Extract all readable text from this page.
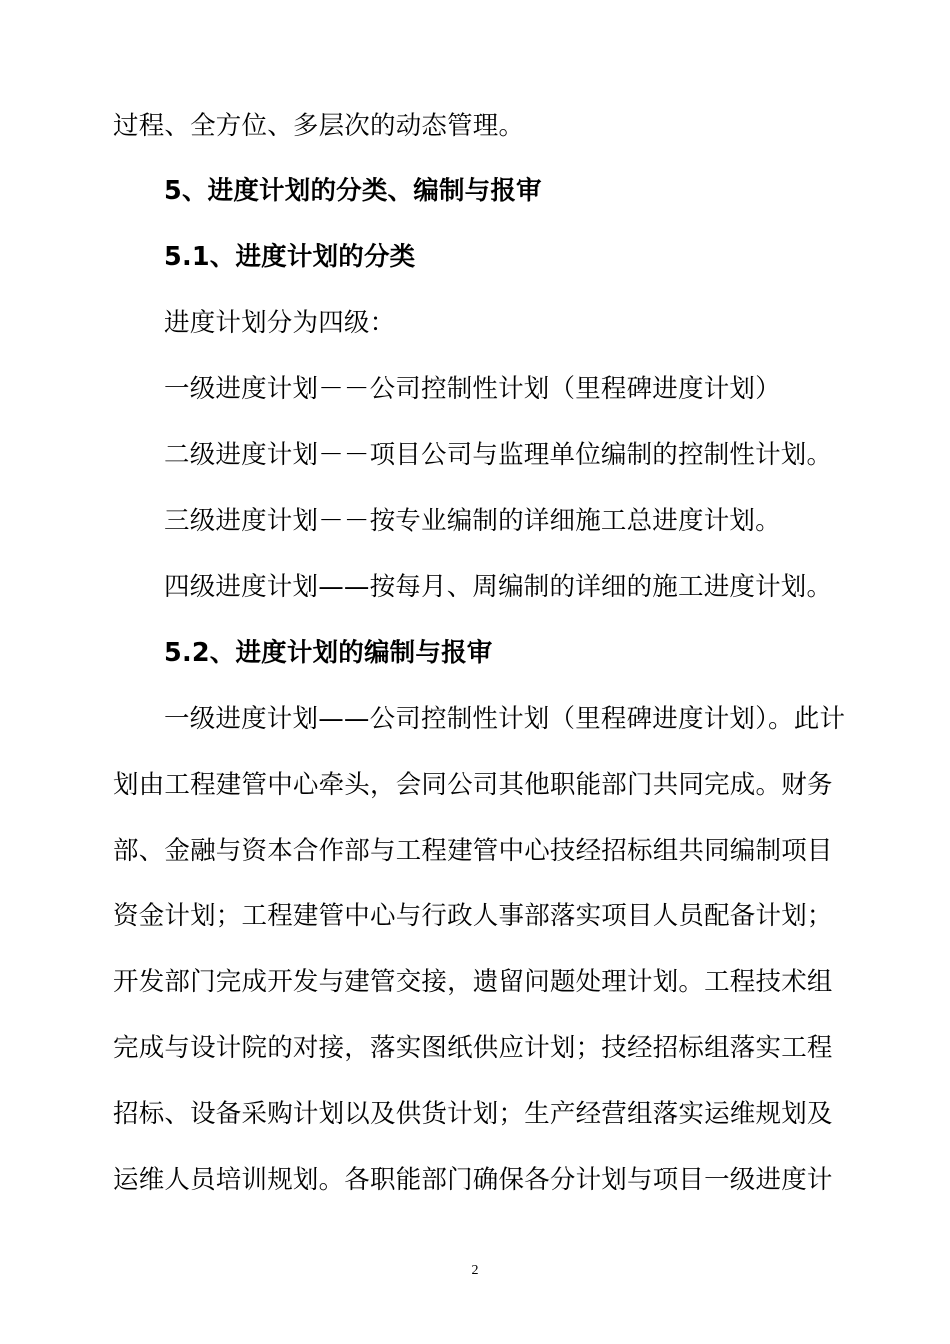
过程、全方位、多层次的动态管理。
5、进度计划的分类、编制与报审
5.1、进度计划的分类
进度计划分为四级：
一级进度计划－－公司控制性计划（里程碑进度计划）
二级进度计划－－项目公司与监理单位编制的控制性计划。
三级进度计划－－按专业编制的详细施工总进度计划。
四级进度计划——按每月、周编制的详细的施工进度计划。
5.2、进度计划的编制与报审
一级进度计划——公司控制性计划（里程碑进度计划）。此计
划由工程建管中心牵头，会同公司其他职能部门共同完成。财务
部、金融与资本合作部与工程建管中心技经招标组共同编制项目
资金计划；工程建管中心与行政人事部落实项目人员配备计划；
开发部门完成开发与建管交接，遗留问题处理计划。工程技术组
完成与设计院的对接，落实图纸供应计划；技经招标组落实工程
招标、设备采购计划以及供货计划；生产经营组落实运维规划及
运维人员培训规划。各职能部门确保各分计划与项目一级进度计
2
